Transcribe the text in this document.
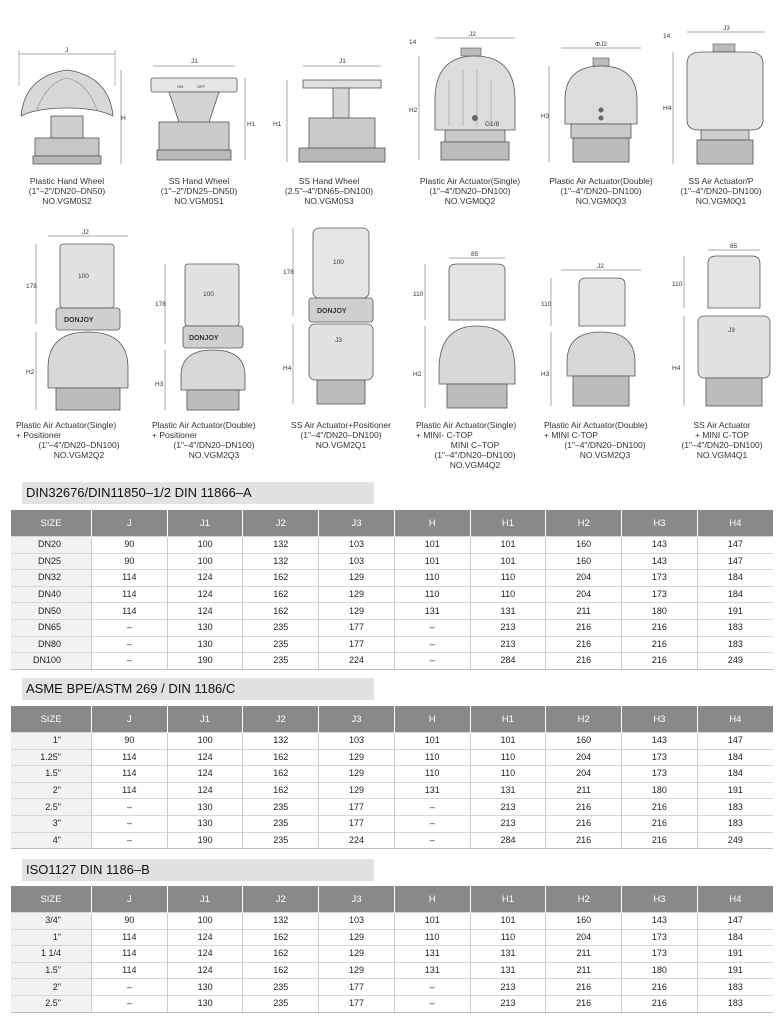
J
H
Plastic Hand Wheel
(1"–2"/DN20–DN50)
NO.VGM0S2
J1
ON	OFF
H1
SS Hand Wheel
(1"–2"/DN25–DN50)
NO.VGM0S1
J1
H1
SS Hand Wheel
(2.5"–4"/DN65–DN100)
NO.VGM0S3
14
J2
G1/8
H2
Plastic Air Actuator(Single)
(1"–4"/DN20–DN100)
NO.VGM0Q2
ΦJ2
H3
Plastic Air Actuator(Double)
(1"–4"/DN20–DN100)
NO.VGM0Q3
14
J3
H4
SS Air Actuator/P
(1"–4"/DN20–DN100)
NO.VGM0Q1
J2
100
DONJOY
178
H2
Plastic Air Actuator(Single)
+ Positioner
(1"–4"/DN20–DN100)
NO.VGM2Q2
100
DONJOY
178
H3
Plastic Air Actuator(Double)
+ Positioner
(1"–4"/DN20–DN100)
NO.VGM2Q3
100
DONJOY
J3
178
H4
SS Air Actuator+Positioner
(1"–4"/DN20–DN100)
NO.VGM2Q1
85
110
H2
Plastic Air Actuator(Single)
+ MINI- C-TOP
MINI C–TOP
(1"–4"/DN20–DN100)
NO.VGM4Q2
J2
110
H3
Plastic Air Actuator(Double)
+ MINI C-TOP
(1"–4"/DN20–DN100)
NO.VGM2Q3
85
J3
110
H4
SS Air Actuator
+ MINI C-TOP
(1"–4"/DN20–DN100)
NO.VGM4Q1
DIN32676/DIN11850–1/2 DIN 11866–A
SIZE	J	J1	J2	J3	H	H1	H2	H3	H4
DN20	90	100	132	103	101	101	160	143	147
DN25	90	100	132	103	101	101	160	143	147
DN32	114	124	162	129	110	110	204	173	184
DN40	114	124	162	129	110	110	204	173	184
DN50	114	124	162	129	131	131	211	180	191
DN65	–	130	235	177	–	213	216	216	183
DN80	–	130	235	177	–	213	216	216	183
DN100	–	190	235	224	–	284	216	216	249
ASME BPE/ASTM 269 / DIN 1186/C
SIZE	J	J1	J2	J3	H	H1	H2	H3	H4
1"	90	100	132	103	101	101	160	143	147
1.25"	114	124	162	129	110	110	204	173	184
1.5"	114	124	162	129	110	110	204	173	184
2"	114	124	162	129	131	131	211	180	191
2.5"	–	130	235	177	–	213	216	216	183
3"	–	130	235	177	–	213	216	216	183
4"	–	190	235	224	–	284	216	216	249
ISO1127 DIN 1186–B
SIZE	J	J1	J2	J3	H	H1	H2	H3	H4
3/4"	90	100	132	103	101	101	160	143	147
1"	114	124	162	129	110	110	204	173	184
1 1/4	114	124	162	129	131	131	211	173	191
1.5"	114	124	162	129	131	131	211	180	191
2"	–	130	235	177	–	213	216	216	183
2.5"	–	130	235	177	–	213	216	216	183
